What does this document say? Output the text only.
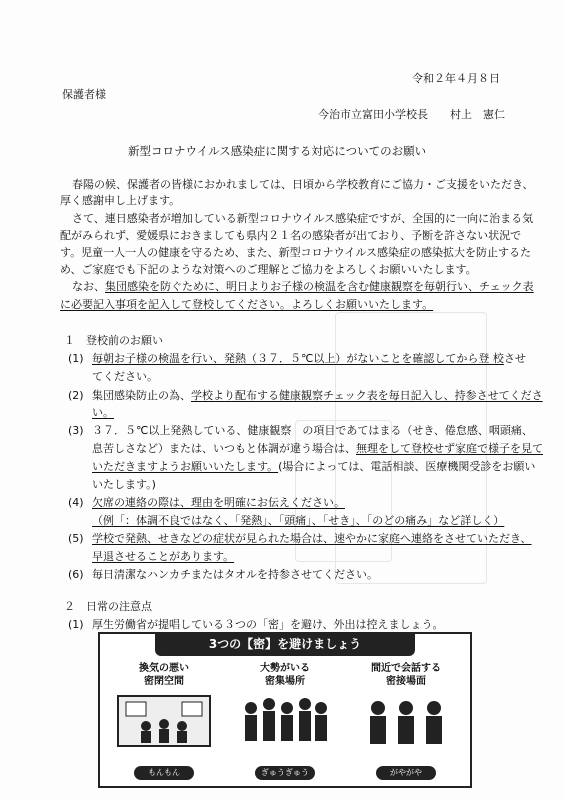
令和２年４月８日
保護者様
今治市立富田小学校長　　村上　憲仁
新型コロナウイルス感染症に関する対応についてのお願い
春陽の候、保護者の皆様におかれましては、日頃から学校教育にご協力・ご支援をいただき、
厚く感謝申し上げます。
さて、連日感染者が増加している新型コロナウイルス感染症ですが、全国的に一向に治まる気
配がみられず、愛媛県におきましても県内２１名の感染者が出ており、予断を許さない状況で
す。児童一人一人の健康を守るため、また、新型コロナウイルス感染症の感染拡大を防止するた
め、ご家庭でも下記のような対策へのご理解とご協力をよろしくお願いいたします。
なお、集団感染を防ぐために、明日よりお子様の検温を含む健康観察を毎朝行い、チェック表
に必要記入事項を記入して登校してください。よろしくお願いいたします。
１　登校前のお願い
(1) 毎朝お子様の検温を行い、発熱（３７．５℃以上）がないことを確認してから登 校させ
てください。
(2) 集団感染防止の為、学校より配布する健康観察チェック表を毎日記入し、持参させてくださ
い。
(3) ３７．５℃以上発熱している、健康観察　の項目であてはまる（せき、倦怠感、咽頭痛、
息苦しさなど）または、いつもと体調が違う場合は、無理をして登校せず家庭で様子を見て
いただきますようお願いいたします。(場合によっては、電話相談、医療機関受診をお願い
いたします。)
(4) 欠席の連絡の際は、理由を明確にお伝えください。
（例「：体調不良ではなく、「発熱」、「頭痛」、「せき」、「のどの痛み」など詳しく）
(5) 学校で発熱、せきなどの症状が見られた場合は、速やかに家庭へ連絡をさせていただき、
早退させることがあります。
(6) 毎日清潔なハンカチまたはタオルを持参させてください。
２　日常の注意点
(1) 厚生労働省が提唱している３つの「密」を避け、外出は控えましょう。
3つの【密】を避けましょう
換気の悪い
密閉空間
もんもん
大勢がいる
密集場所
ぎゅうぎゅう
間近で会話する
密接場面
がやがや
